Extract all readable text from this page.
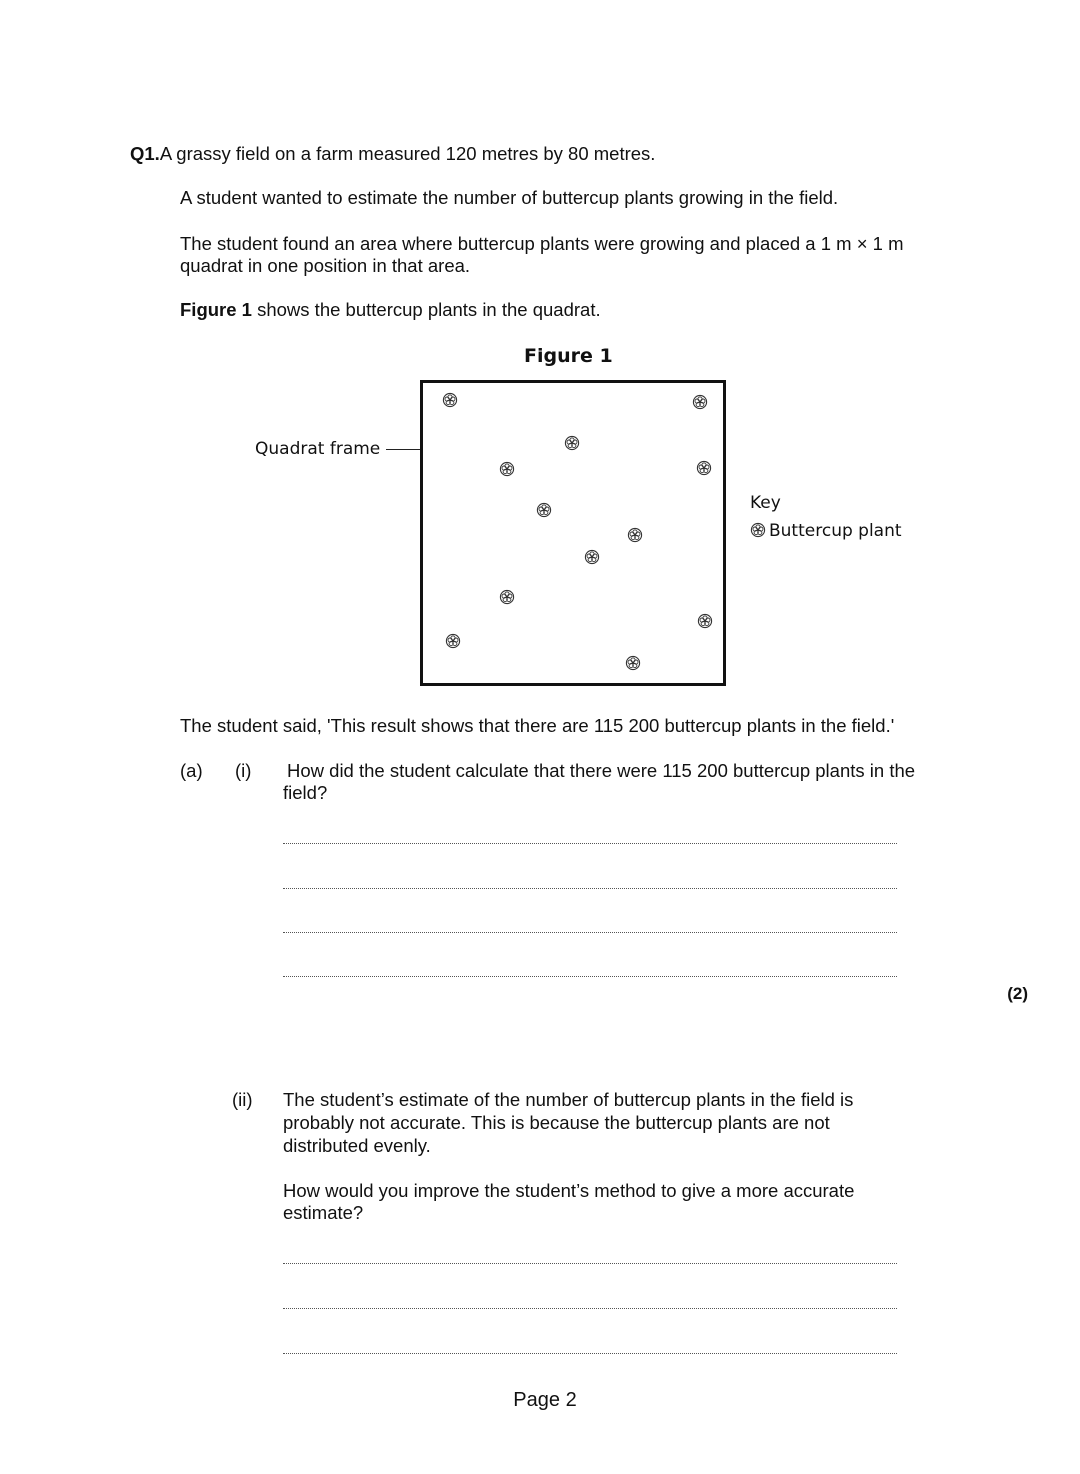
Q1.A grassy field on a farm measured 120 metres by 80 metres.
A student wanted to estimate the number of buttercup plants growing in the field.
The student found an area where buttercup plants were growing and placed a 1 m × 1 m
quadrat in one position in that area.
Figure 1 shows the buttercup plants in the quadrat.
Figure 1
Quadrat frame
Key
Buttercup plant
The student said, 'This result shows that there are 115 200 buttercup plants in the field.'
(a) (i) How did the student calculate that there were 115 200 buttercup plants in the
field?
(2)
(ii) The student’s estimate of the number of buttercup plants in the field is
probably not accurate. This is because the buttercup plants are not
distributed evenly.
How would you improve the student’s method to give a more accurate
estimate?
Page 2
